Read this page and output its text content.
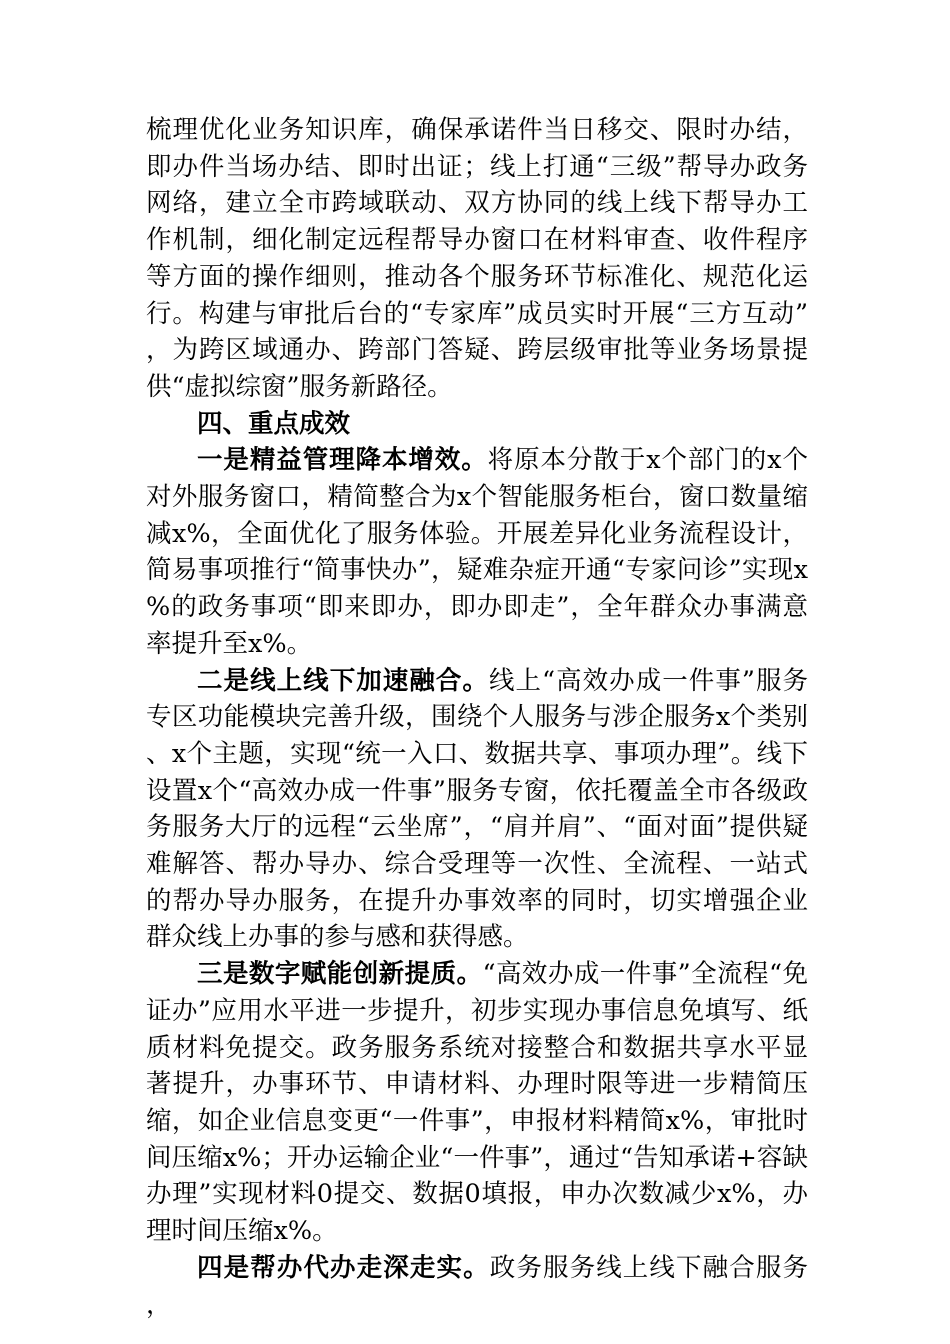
梳理优化业务知识库，确保承诺件当日移交、限时办结，即办件当场办结、即时出证；线上打通“三级”帮导办政务网络，建立全市跨域联动、双方协同的线上线下帮导办工作机制，细化制定远程帮导办窗口在材料审查、收件程序等方面的操作细则，推动各个服务环节标准化、规范化运行。构建与审批后台的“专家库”成员实时开展“三方互动”，为跨区域通办、跨部门答疑、跨层级审批等业务场景提供“虚拟综窗”服务新路径。

四、重点成效

一是精益管理降本增效。将原本分散于x个部门的x个对外服务窗口，精简整合为x个智能服务柜台，窗口数量缩减x%，全面优化了服务体验。开展差异化业务流程设计，简易事项推行“简事快办”，疑难杂症开通“专家问诊”实现x%的政务事项“即来即办，即办即走”，全年群众办事满意率提升至x%。

二是线上线下加速融合。线上“高效办成一件事”服务专区功能模块完善升级，围绕个人服务与涉企服务x个类别、x个主题，实现“统一入口、数据共享、事项办理”。线下设置x个“高效办成一件事”服务专窗，依托覆盖全市各级政务服务大厅的远程“云坐席”，“肩并肩”、“面对面”提供疑难解答、帮办导办、综合受理等一次性、全流程、一站式的帮办导办服务，在提升办事效率的同时，切实增强企业群众线上办事的参与感和获得感。

三是数字赋能创新提质。“高效办成一件事”全流程“免证办”应用水平进一步提升，初步实现办事信息免填写、纸质材料免提交。政务服务系统对接整合和数据共享水平显著提升，办事环节、申请材料、办理时限等进一步精简压缩，如企业信息变更“一件事”，申报材料精简x%，审批时间压缩x%；开办运输企业“一件事”，通过“告知承诺+容缺办理”实现材料0提交、数据0填报，申办次数减少x%，办理时间压缩x%。

四是帮办代办走深走实。政务服务线上线下融合服务，
